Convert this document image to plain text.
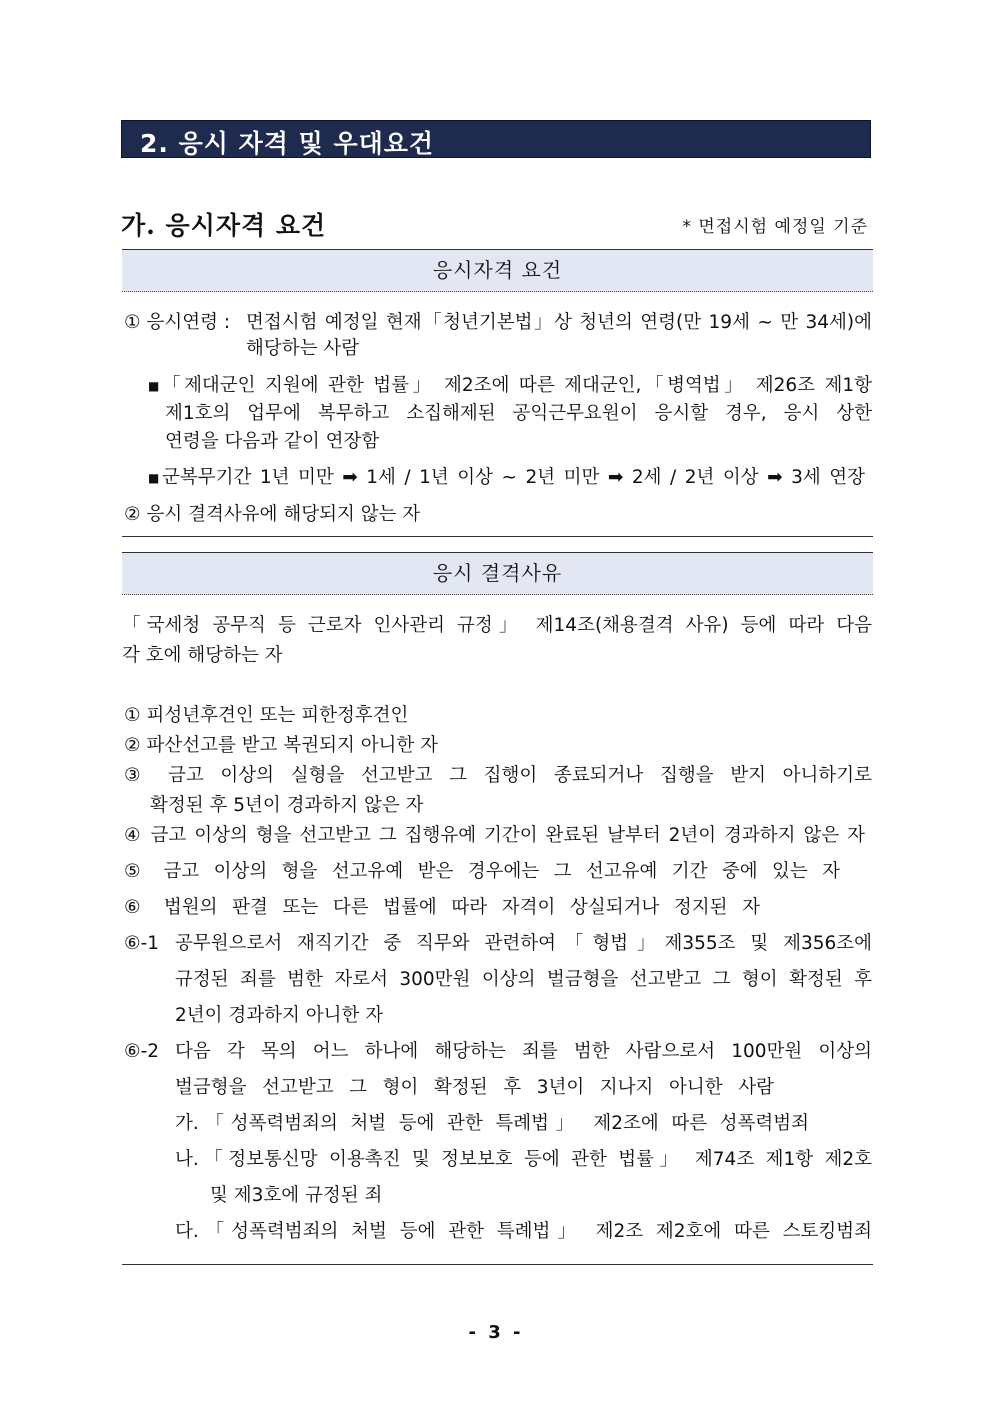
2. 응시 자격 및 우대요건
가. 응시자격 요건	* 면접시험 예정일 기준
응시자격 요건
① 응시연령 : 면접시험 예정일 현재「청년기본법」상 청년의 연령(만 19세 ~ 만 34세)에
해당하는 사람
■ 「제대군인 지원에 관한 법률」 제2조에 따른 제대군인,「병역법」 제26조 제1항
제1호의 업무에 복무하고 소집해제된 공익근무요원이 응시할 경우, 응시 상한
연령을 다음과 같이 연장함
■ 군복무기간 1년 미만 ➡ 1세 / 1년 이상 ~ 2년 미만 ➡ 2세 / 2년 이상 ➡ 3세 연장
② 응시 결격사유에 해당되지 않는 자
응시 결격사유
「국세청 공무직 등 근로자 인사관리 규정」 제14조(채용결격 사유) 등에 따라 다음
각 호에 해당하는 자
① 피성년후견인 또는 피한정후견인
② 파산선고를 받고 복권되지 아니한 자
③ 금고 이상의 실형을 선고받고 그 집행이 종료되거나 집행을 받지 아니하기로
확정된 후 5년이 경과하지 않은 자
④ 금고 이상의 형을 선고받고 그 집행유예 기간이 완료된 날부터 2년이 경과하지 않은 자
⑤ 금고 이상의 형을 선고유예 받은 경우에는 그 선고유예 기간 중에 있는 자
⑥ 법원의 판결 또는 다른 법률에 따라 자격이 상실되거나 정지된 자
⑥-1 공무원으로서 재직기간 중 직무와 관련하여「형법」제355조 및 제356조에
규정된 죄를 범한 자로서 300만원 이상의 벌금형을 선고받고 그 형이 확정된 후
2년이 경과하지 아니한 자
⑥-2 다음 각 목의 어느 하나에 해당하는 죄를 범한 사람으로서 100만원 이상의
벌금형을 선고받고 그 형이 확정된 후 3년이 지나지 아니한 사람
가.「성폭력범죄의 처벌 등에 관한 특례법」 제2조에 따른 성폭력범죄
나.「정보통신망 이용촉진 및 정보보호 등에 관한 법률」 제74조 제1항 제2호
및 제3호에 규정된 죄
다.「성폭력범죄의 처벌 등에 관한 특례법」 제2조 제2호에 따른 스토킹범죄
- 3 -
